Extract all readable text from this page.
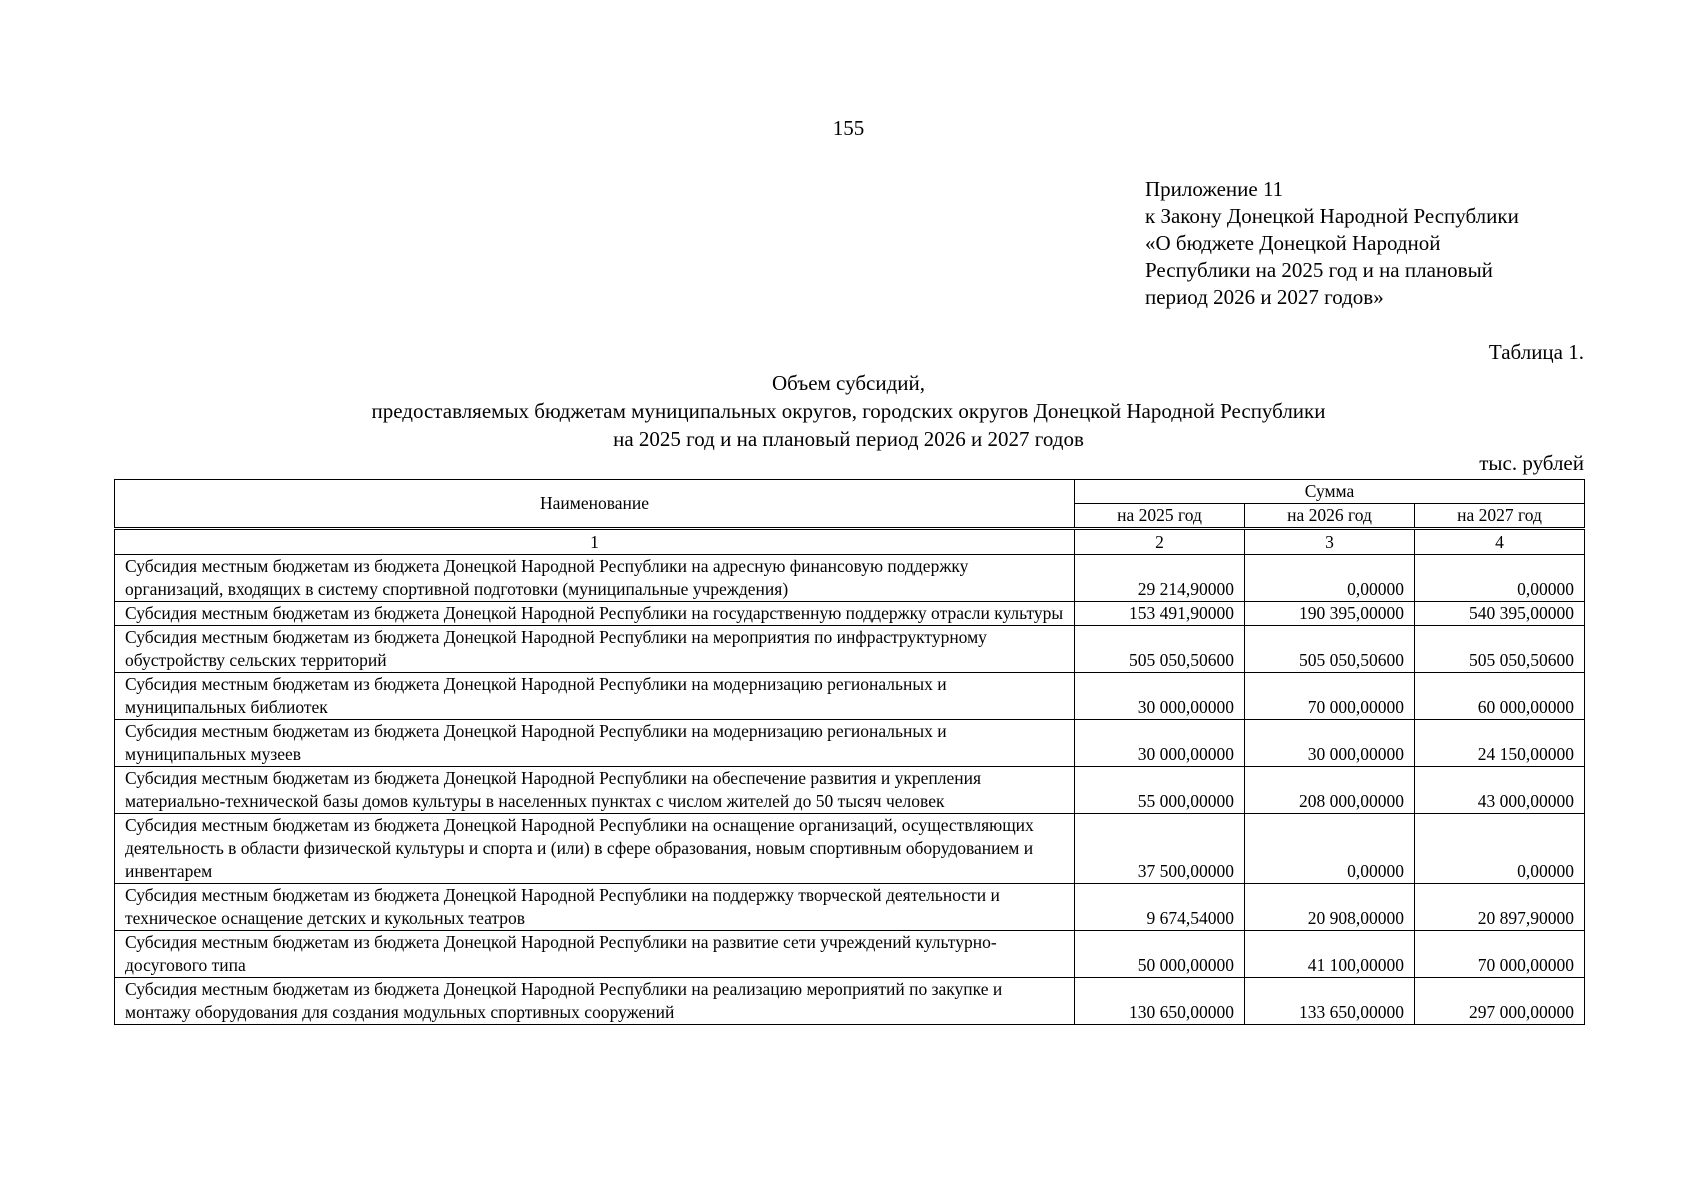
155
Приложение 11
к Закону Донецкой Народной Республики
«О бюджете Донецкой Народной
Республики на 2025 год и на плановый
период 2026 и 2027 годов»
Таблица 1.
Объем субсидий,
предоставляемых бюджетам муниципальных округов, городских округов Донецкой Народной Республики
на 2025 год и на плановый период 2026 и 2027 годов
тыс. рублей
Наименование	Сумма		
	на 2025 год	на 2026 год	на 2027 год
1	2	3	4
Субсидия местным бюджетам из бюджета Донецкой Народной Республики на адресную финансовую поддержку организаций, входящих в систему спортивной подготовки (муниципальные учреждения)	29 214,90000	0,00000	0,00000
Субсидия местным бюджетам из бюджета Донецкой Народной Республики на государственную поддержку отрасли культуры	153 491,90000	190 395,00000	540 395,00000
Субсидия местным бюджетам из бюджета Донецкой Народной Республики на мероприятия по инфраструктурному обустройству сельских территорий	505 050,50600	505 050,50600	505 050,50600
Субсидия местным бюджетам из бюджета Донецкой Народной Республики на модернизацию региональных и муниципальных библиотек	30 000,00000	70 000,00000	60 000,00000
Субсидия местным бюджетам из бюджета Донецкой Народной Республики на модернизацию региональных и муниципальных музеев	30 000,00000	30 000,00000	24 150,00000
Субсидия местным бюджетам из бюджета Донецкой Народной Республики на обеспечение развития и укрепления материально-технической базы домов культуры в населенных пунктах с числом жителей до 50 тысяч человек	55 000,00000	208 000,00000	43 000,00000
Субсидия местным бюджетам из бюджета Донецкой Народной Республики на оснащение организаций, осуществляющих деятельность в области физической культуры и спорта и (или) в сфере образования, новым спортивным оборудованием и инвентарем	37 500,00000	0,00000	0,00000
Субсидия местным бюджетам из бюджета Донецкой Народной Республики на поддержку творческой деятельности и техническое оснащение детских и кукольных театров	9 674,54000	20 908,00000	20 897,90000
Субсидия местным бюджетам из бюджета Донецкой Народной Республики на развитие сети учреждений культурно-досугового типа	50 000,00000	41 100,00000	70 000,00000
Субсидия местным бюджетам из бюджета Донецкой Народной Республики на реализацию мероприятий по закупке и монтажу оборудования для создания модульных спортивных сооружений	130 650,00000	133 650,00000	297 000,00000
